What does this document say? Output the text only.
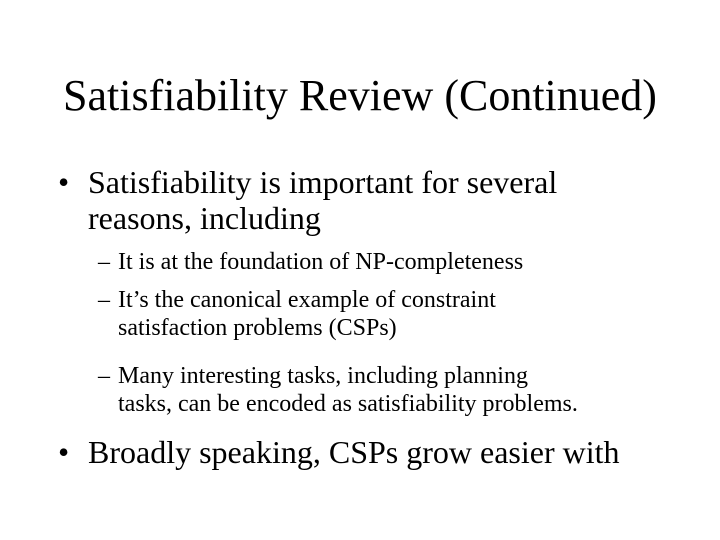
Satisfiability Review (Continued)
• Satisfiability is important for several
reasons, including
– It is at the foundation of NP-completeness
– It’s the canonical example of constraint
satisfaction problems (CSPs)
– Many interesting tasks, including planning
tasks, can be encoded as satisfiability problems.
• Broadly speaking, CSPs grow easier with
